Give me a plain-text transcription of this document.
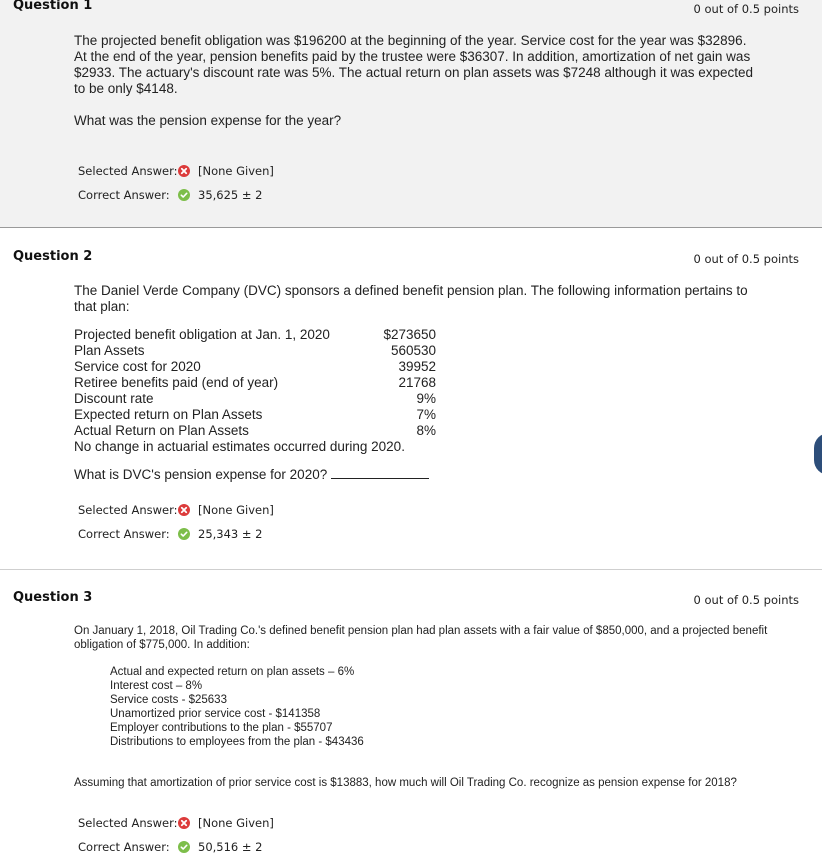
Question 1	0 out of 0.5 points
The projected benefit obligation was $196200 at the beginning of the year. Service cost for the year was $32896.
At the end of the year, pension benefits paid by the trustee were $36307. In addition, amortization of net gain was
$2933. The actuary's discount rate was 5%. The actual return on plan assets was $7248 although it was expected
to be only $4148.
What was the pension expense for the year?
Selected Answer: [None Given]
Correct Answer:	35,625 ± 2
Question 2	0 out of 0.5 points
The Daniel Verde Company (DVC) sponsors a defined benefit pension plan. The following information pertains to
that plan:
Projected benefit obligation at Jan. 1, 2020	$273650
Plan Assets	560530
Service cost for 2020	39952
Retiree benefits paid (end of year)	21768
Discount rate	9%
Expected return on Plan Assets	7%
Actual Return on Plan Assets	8%
No change in actuarial estimates occurred during 2020.
What is DVC's pension expense for 2020?
Selected Answer: [None Given]
Correct Answer:	25,343 ± 2
Question 3	0 out of 0.5 points
On January 1, 2018, Oil Trading Co.'s defined benefit pension plan had plan assets with a fair value of $850,000, and a projected benefit
obligation of $775,000. In addition:
Actual and expected return on plan assets – 6%
Interest cost – 8%
Service costs - $25633
Unamortized prior service cost - $141358
Employer contributions to the plan - $55707
Distributions to employees from the plan - $43436
Assuming that amortization of prior service cost is $13883, how much will Oil Trading Co. recognize as pension expense for 2018?
Selected Answer: [None Given]
Correct Answer:	50,516 ± 2
